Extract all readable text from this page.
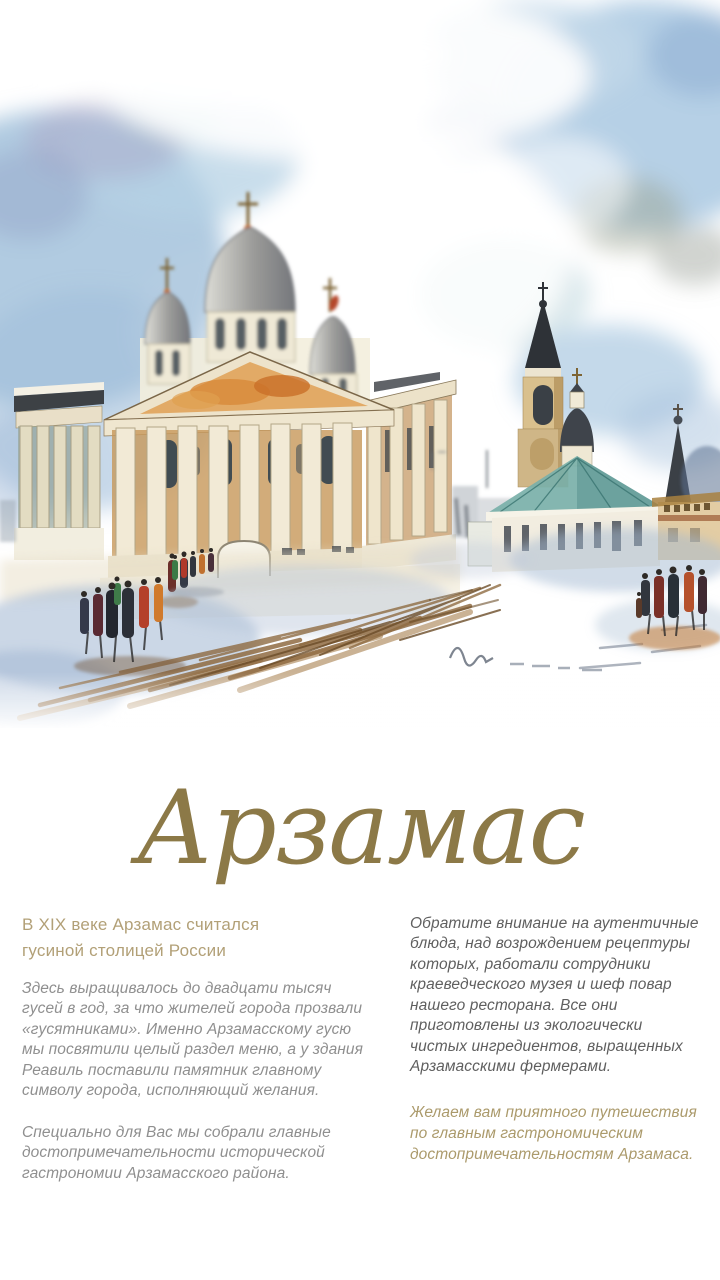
Арзамас

В XIX веке Арзамас считался гусиной столицей России

Здесь выращивалось до двадцати тысяч гусей в год, за что жителей города прозвали «гусятниками». Именно Арзамасскому гусю мы посвятили целый раздел меню, а у здания Реавиль поставили памятник главному символу города, исполняющий желания.

Специально для Вас мы собрали главные достопримечательности исторической гастрономии Арзамасского района.

Обратите внимание на аутентичные блюда, над возрождением рецептуры которых, работали сотрудники краеведческого музея и шеф повар нашего ресторана. Все они приготовлены из экологически чистых ингредиентов, выращенных Арзамасскими фермерами.

Желаем вам приятного путешествия по главным гастрономическим достопримечательностям Арзамаса.
